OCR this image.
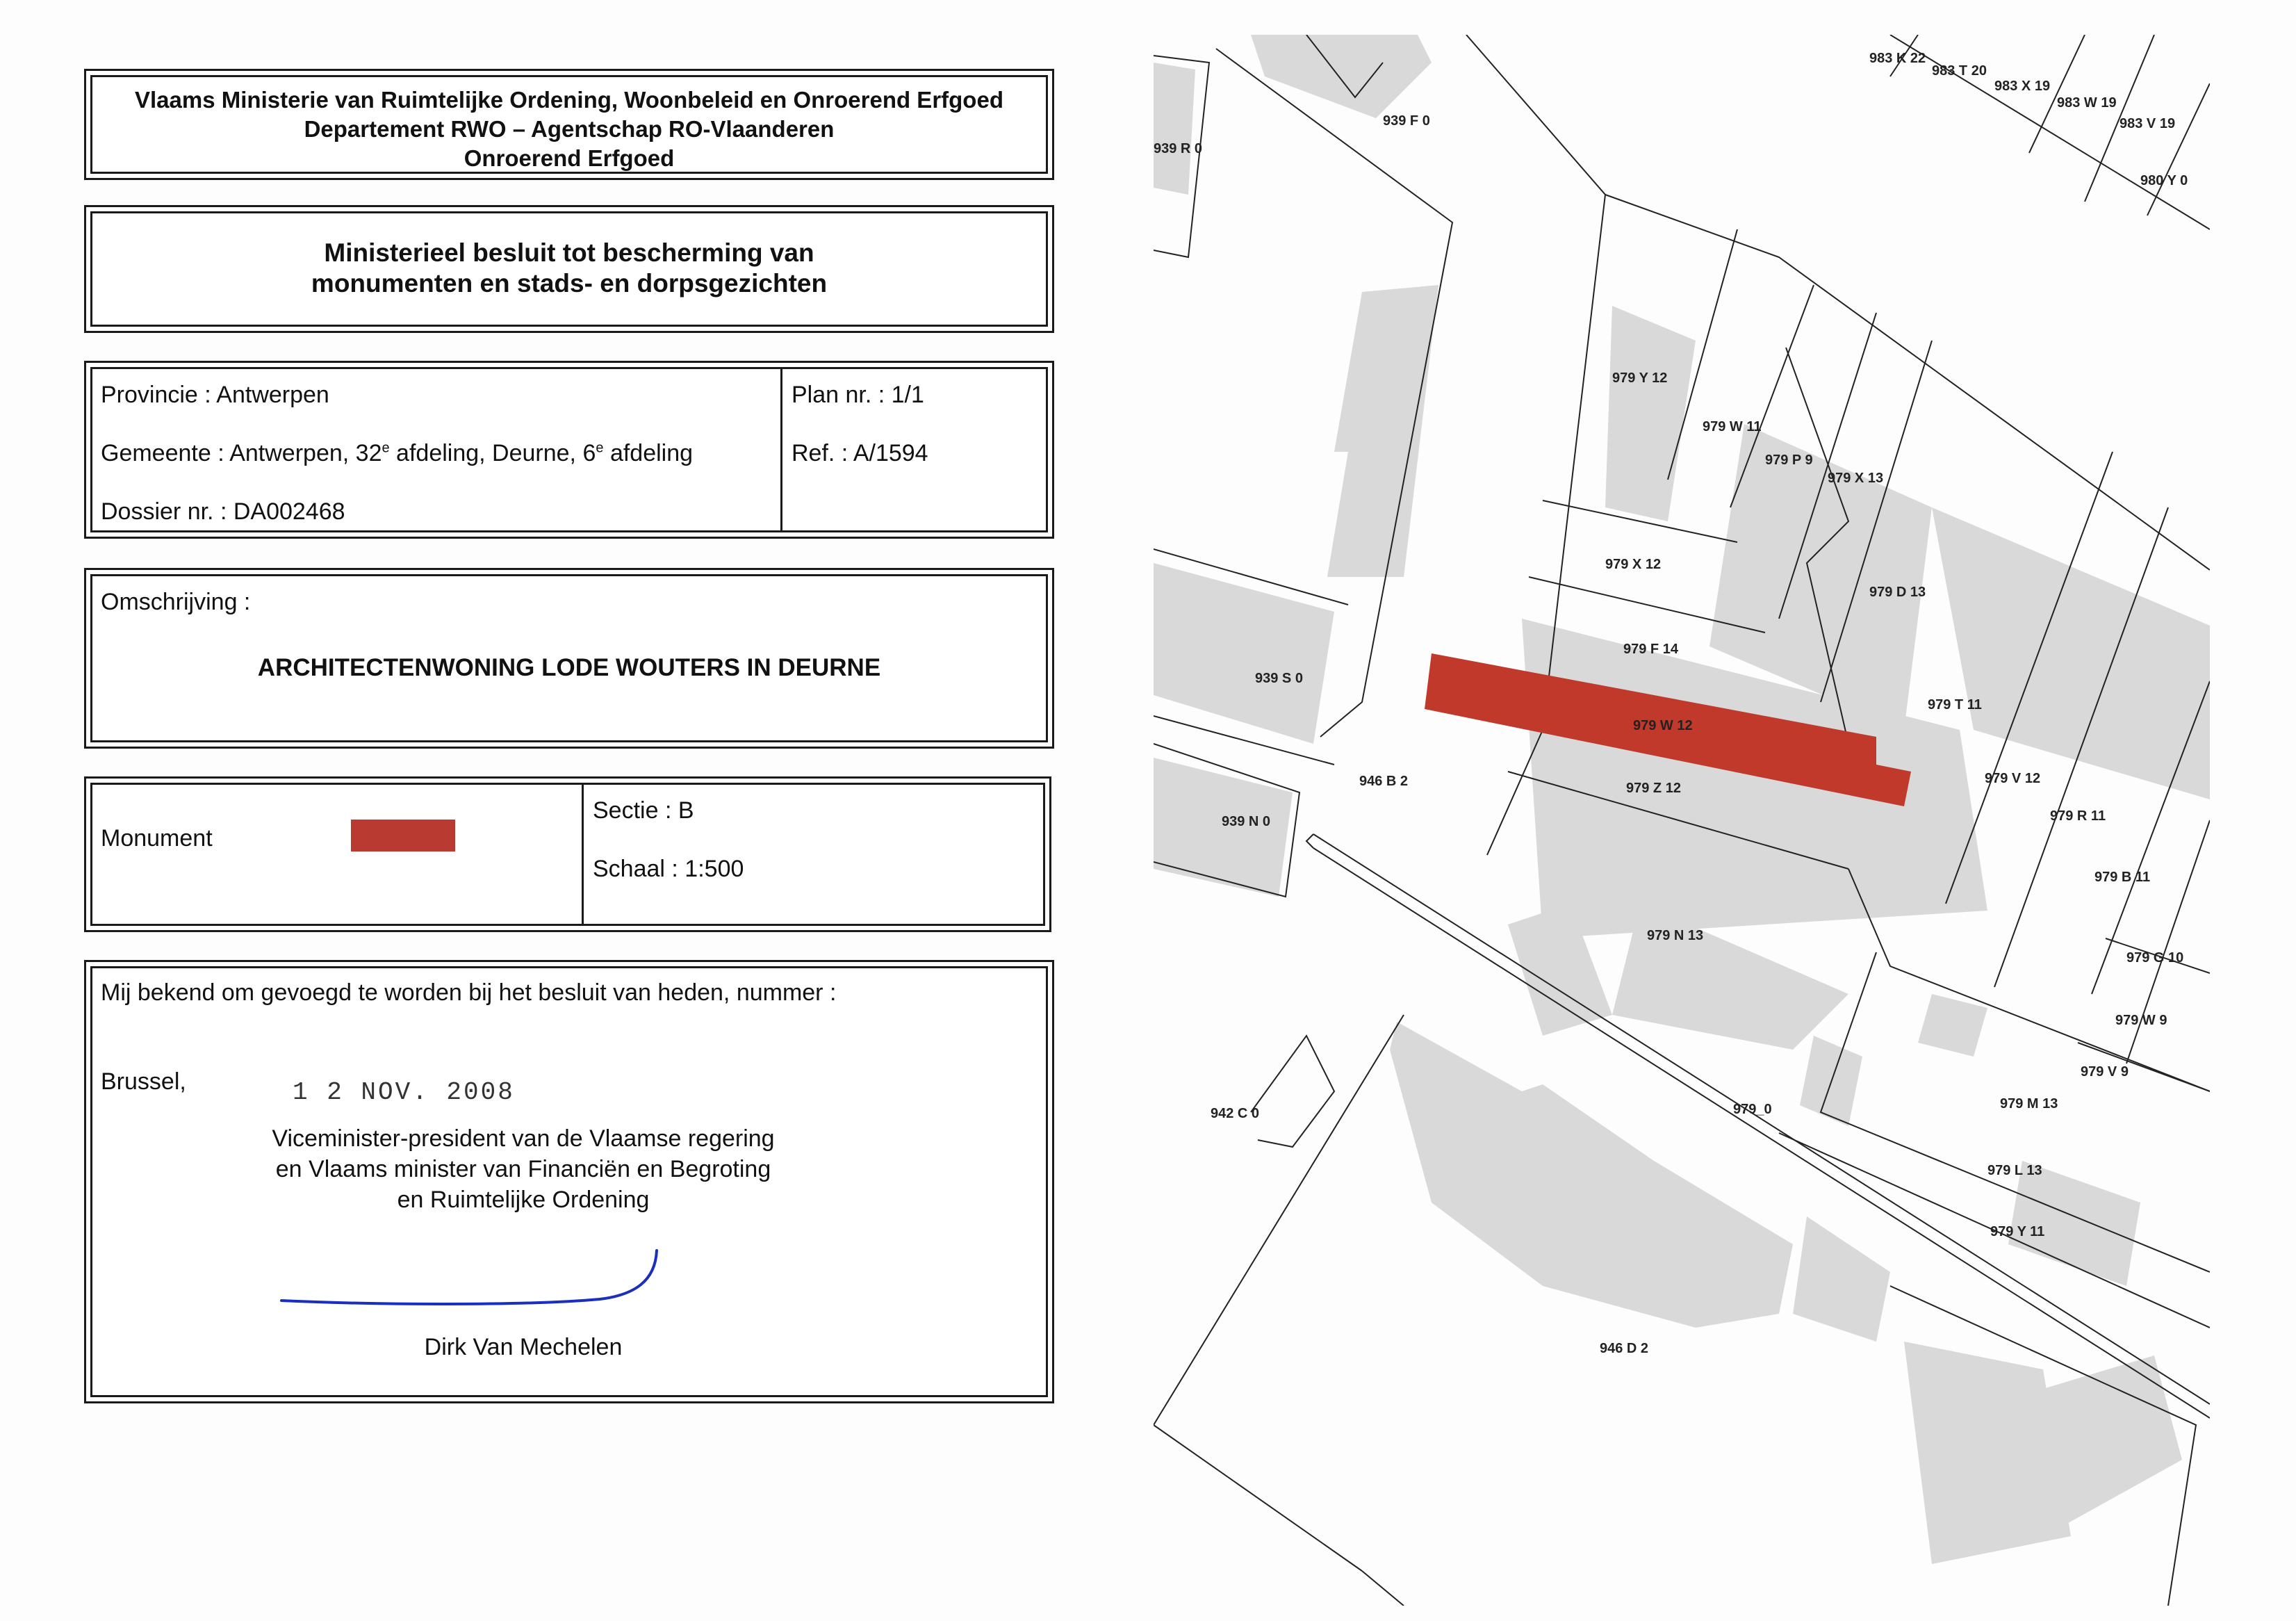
Vlaams Ministerie van Ruimtelijke Ordening, Woonbeleid en Onroerend Erfgoed
Departement RWO – Agentschap RO-Vlaanderen
Onroerend Erfgoed
Ministerieel besluit tot bescherming van
monumenten en stads- en dorpsgezichten
Provincie : Antwerpen
Gemeente : Antwerpen, 32e afdeling, Deurne, 6e afdeling
Dossier nr. : DA002468
Plan nr. : 1/1
Ref. : A/1594
Omschrijving :
ARCHITECTENWONING LODE WOUTERS IN DEURNE
Monument
Sectie : B
Schaal : 1:500
Mij bekend om gevoegd te worden bij het besluit van heden, nummer :
Brussel,	1 2 NOV. 2008
Viceminister-president van de Vlaamse regering
en Vlaams minister van Financiën en Begroting
en Ruimtelijke Ordening
Dirk Van Mechelen
939 R 0
939 F 0
983 K 22
983 T 20
983 X 19
983 W 19
983 V 19
980 Y 0
979 Y 12
979 W 11
979 P 9
979 X 13
979 X 12
979 D 13
939 S 0
979 F 14
979 W 12
979 T 11
946 B 2	979 Z 12
979 V 12
939 N 0	979 R 11
979 B 11
979 N 13
979 G 10
979 W 9
979 V 9
942 C 0	979_0	979 M 13
979 L 13
979 Y 11
946 D 2
